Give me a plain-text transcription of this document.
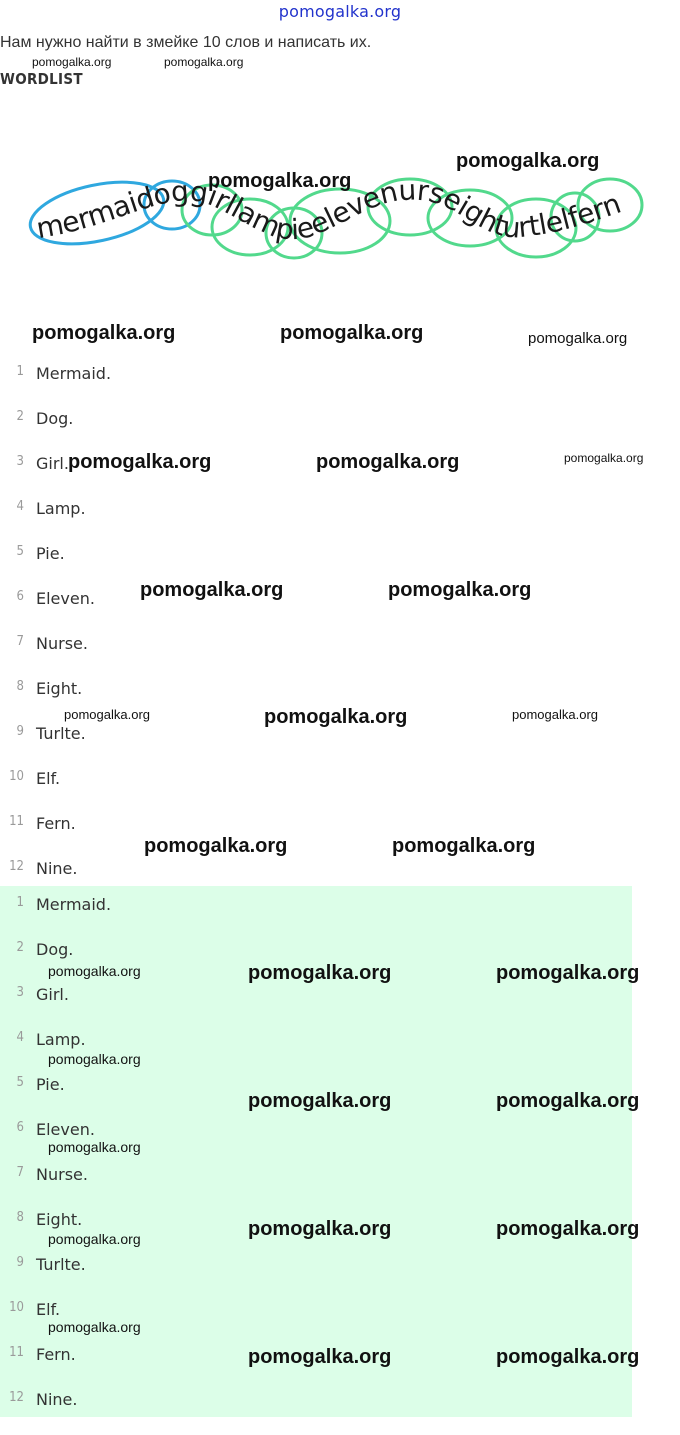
pomogalka.org
Нам нужно найти в змейке 10 слов и написать их.
WORDLIST
mermaidoggirllampieelevenurseighturtlelfern
1 Mermaid.
2 Dog.
3 Girl.
4 Lamp.
5 Pie.
6 Eleven.
7 Nurse.
8 Eight.
9 Turlte.
10 Elf.
11 Fern.
12 Nine.
1 Mermaid.
2 Dog.
3 Girl.
4 Lamp.
5 Pie.
6 Eleven.
7 Nurse.
8 Eight.
9 Turlte.
10 Elf.
11 Fern.
12 Nine.
pomogalka.org	pomogalka.org
pomogalka.org
pomogalka.org
pomogalka.org	pomogalka.org	pomogalka.org
pomogalka.org	pomogalka.org	pomogalka.org
pomogalka.org	pomogalka.org
pomogalka.org	pomogalka.org	pomogalka.org
pomogalka.org	pomogalka.org
pomogalka.org	pomogalka.org	pomogalka.org
pomogalka.org
pomogalka.org	pomogalka.org
pomogalka.org
pomogalka.org	pomogalka.org
pomogalka.org
pomogalka.org
pomogalka.org	pomogalka.org
